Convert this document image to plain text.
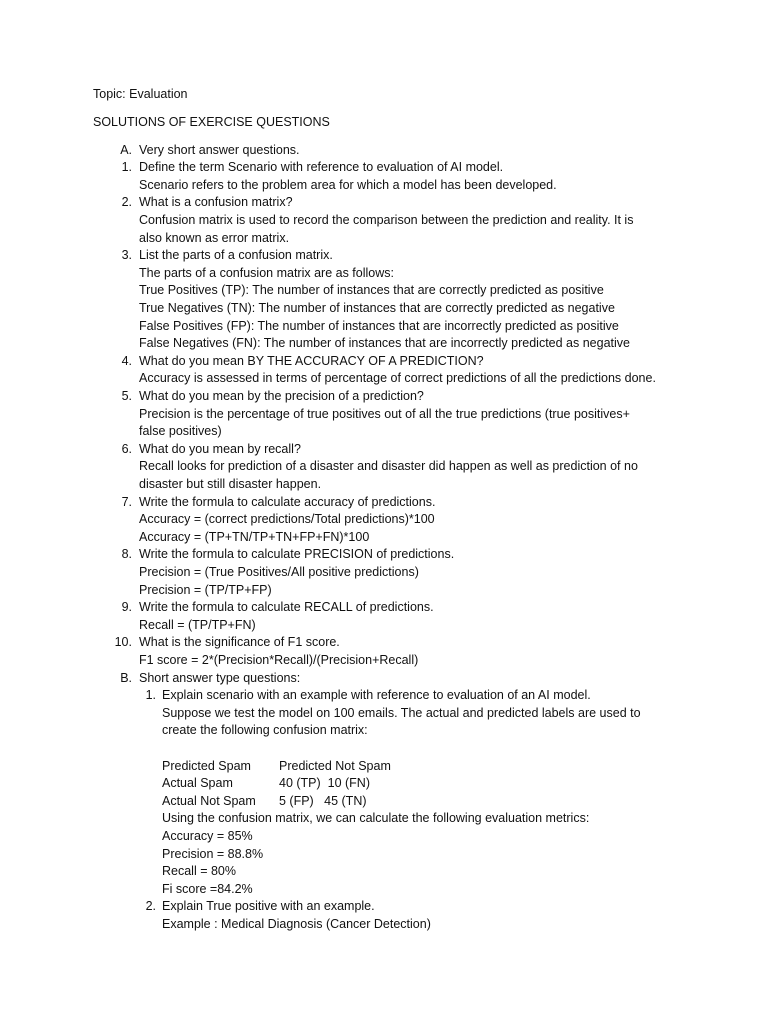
Topic: Evaluation
SOLUTIONS OF EXERCISE QUESTIONS
A. Very short answer questions.
1. Define the term Scenario with reference to evaluation of AI model.
Scenario refers to the problem area for which a model has been developed.
2. What is a confusion matrix?
Confusion matrix is used to record the comparison between the prediction and reality. It is
also known as error matrix.
3. List the parts of a confusion matrix.
The parts of a confusion matrix are as follows:
True Positives (TP): The number of instances that are correctly predicted as positive
True Negatives (TN): The number of instances that are correctly predicted as negative
False Positives (FP): The number of instances that are incorrectly predicted as positive
False Negatives (FN): The number of instances that are incorrectly predicted as negative
4. What do you mean BY THE ACCURACY OF A PREDICTION?
Accuracy is assessed in terms of percentage of correct predictions of all the predictions done.
5. What do you mean by the precision of a prediction?
Precision is the percentage of true positives out of all the true predictions (true positives+
false positives)
6. What do you mean by recall?
Recall looks for prediction of a disaster and disaster did happen as well as prediction of no
disaster but still disaster happen.
7. Write the formula to calculate accuracy of predictions.
Accuracy = (correct predictions/Total predictions)*100
Accuracy = (TP+TN/TP+TN+FP+FN)*100
8. Write the formula to calculate PRECISION of predictions.
Precision = (True Positives/All positive predictions)
Precision = (TP/TP+FP)
9. Write the formula to calculate RECALL of predictions.
Recall = (TP/TP+FN)
10. What is the significance of F1 score.
F1 score = 2*(Precision*Recall)/(Precision+Recall)
B. Short answer type questions:
1. Explain scenario with an example with reference to evaluation of an AI model.
Suppose we test the model on 100 emails. The actual and predicted labels are used to
create the following confusion matrix:
Predicted Spam Predicted Not Spam
Actual Spam	40 (TP)  10 (FN)
Actual Not Spam 5 (FP)   45 (TN)
Using the confusion matrix, we can calculate the following evaluation metrics:
Accuracy = 85%
Precision = 88.8%
Recall = 80%
Fi score =84.2%
2. Explain True positive with an example.
Example : Medical Diagnosis (Cancer Detection)
